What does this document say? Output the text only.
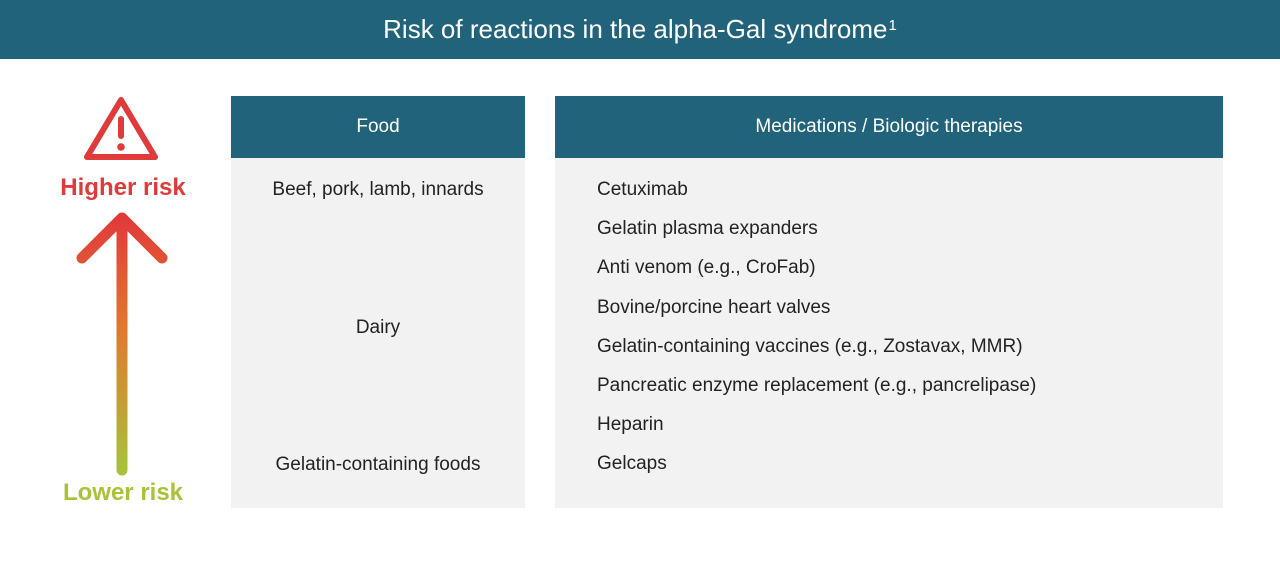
Risk of reactions in the alpha-Gal syndrome$^1$
Higher risk
Lower risk
Food
Beef, pork, lamb, innards
Dairy
Gelatin-containing foods
Medications / Biologic therapies
Cetuximab
Gelatin plasma expanders
Anti venom (e.g., CroFab)
Bovine/porcine heart valves
Gelatin-containing vaccines (e.g., Zostavax, MMR)
Pancreatic enzyme replacement (e.g., pancrelipase)
Heparin
Gelcaps
